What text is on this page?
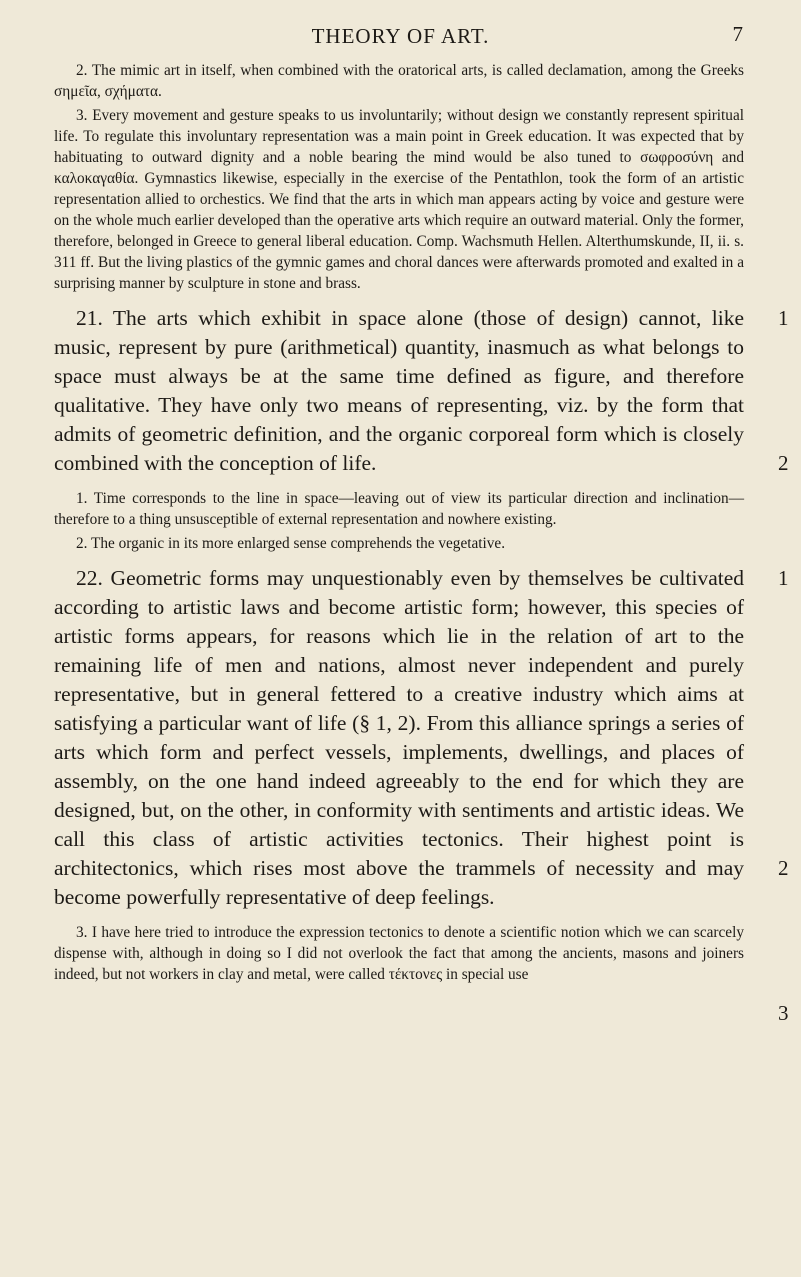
THEORY OF ART.	7

2. The mimic art in itself, when combined with the oratorical arts, is called declamation, among the Greeks σημεῖα, σχήματα.

3. Every movement and gesture speaks to us involuntarily; without design we constantly represent spiritual life. To regulate this involuntary representation was a main point in Greek education. It was expected that by habituating to outward dignity and a noble bearing the mind would be also tuned to σωφροσύνη and καλοκαγαθία. Gymnastics likewise, especially in the exercise of the Pentathlon, took the form of an artistic representation allied to orchestics. We find that the arts in which man appears acting by voice and gesture were on the whole much earlier developed than the operative arts which require an outward material. Only the former, therefore, belonged in Greece to general liberal education. Comp. Wachsmuth Hellen. Alterthumskunde, II, ii. s. 311 ff. But the living plastics of the gymnic games and choral dances were afterwards promoted and exalted in a surprising manner by sculpture in stone and brass.

21. The arts which exhibit in space alone (those of design) cannot, like music, represent by pure (arithmetical) quantity, inasmuch as what belongs to space must always be at the same time defined as figure, and therefore qualitative. They have only two means of representing, viz. by the form that admits of geometric definition, and the organic corporeal form which is closely combined with the conception of life.
1
2

1. Time corresponds to the line in space—leaving out of view its particular direction and inclination—therefore to a thing unsusceptible of external representation and nowhere existing.

2. The organic in its more enlarged sense comprehends the vegetative.

22. Geometric forms may unquestionably even by themselves be cultivated according to artistic laws and become artistic form; however, this species of artistic forms appears, for reasons which lie in the relation of art to the remaining life of men and nations, almost never independent and purely representative, but in general fettered to a creative industry which aims at satisfying a particular want of life (§ 1, 2). From this alliance springs a series of arts which form and perfect vessels, implements, dwellings, and places of assembly, on the one hand indeed agreeably to the end for which they are designed, but, on the other, in conformity with sentiments and artistic ideas. We call this class of artistic activities tectonics. Their highest point is architectonics, which rises most above the trammels of necessity and may become powerfully representative of deep feelings.
1
2
3

3. I have here tried to introduce the expression tectonics to denote a scientific notion which we can scarcely dispense with, although in doing so I did not overlook the fact that among the ancients, masons and joiners indeed, but not workers in clay and metal, were called τέκτονες in special use
